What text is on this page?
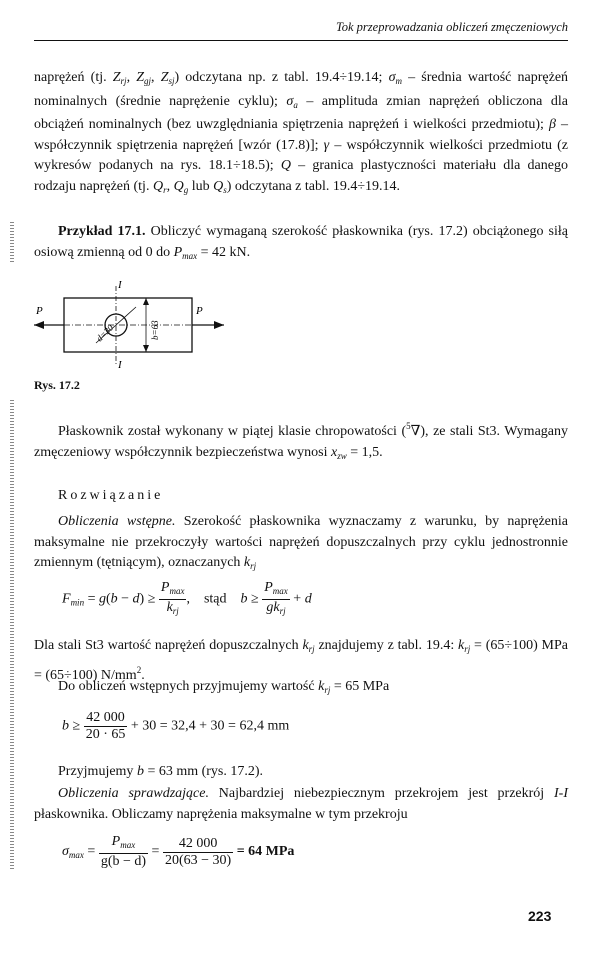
Tok przeprowadzania obliczeń zmęczeniowych
naprężeń (tj. $Z_{rj}$, $Z_{gj}$, $Z_{sj}$) odczytana np. z tabl. 19.4÷19.14; $\sigma_m$ – średnia wartość naprężeń nominalnych (średnie naprężenie cyklu); $\sigma_a$ – amplituda zmian naprężeń obliczona dla obciążeń nominalnych (bez uwzględniania spiętrzenia naprężeń i wielkości przedmiotu); β – współczynnik spiętrzenia naprężeń [wzór (17.8)]; γ – współczynnik wielkości przedmiotu (z wykresów podanych na rys. 18.1÷18.5); Q – granica plastyczności materiału dla danego rodzaju naprężeń (tj. $Q_r$, $Q_g$ lub $Q_s$) odczytana z tabl. 19.4÷19.14.
Przykład 17.1. Obliczyć wymaganą szerokość płaskownika (rys. 17.2) obciążonego siłą osiową zmienną od 0 do $P_{max} = 42$ kN.
P	P
I
I
d=30	b=63
Rys. 17.2
Płaskownik został wykonany w piątej klasie chropowatości ($^5$∇), ze stali St3. Wymagany zmęczeniowy współczynnik bezpieczeństwa wynosi $x_{zw} = 1,5$.
Rozwiązanie
Obliczenia wstępne. Szerokość płaskownika wyznaczamy z warunku, by naprężenia maksymalne nie przekroczyły wartości naprężeń dopuszczalnych przy cyklu jednostronnie zmiennym (tętniącym), oznaczanych $k_{rj}$
$F_{min} = g(b - d) \ge \frac{P_{max}}{k_{rj}}$ ,    stąd $b \ge \frac{P_{max}}{gk_{rj}} + d$
Dla stali St3 wartość naprężeń dopuszczalnych $k_{rj}$ znajdujemy z tabl. 19.4: $k_{rj} = (65\div 100)$ MPa = (65÷100) $N/mm^2$.
Do obliczeń wstępnych przyjmujemy wartość $k_{rj} = 65$ MPa
$b \ge \frac{42 000}{20 \cdot 65} + 30 = 32,4 + 30 = 62,4$ mm
Przyjmujemy b = 63 mm (rys. 17.2).
Obliczenia sprawdzające. Najbardziej niebezpiecznym przekrojem jest przekrój I-I płaskownika. Obliczamy naprężenia maksymalne w tym przekroju
$\sigma_{max} = \frac{P_{max}}{g(b - d)} = \frac{42 000}{20(63 - 30)} = 64$ MPa
223
